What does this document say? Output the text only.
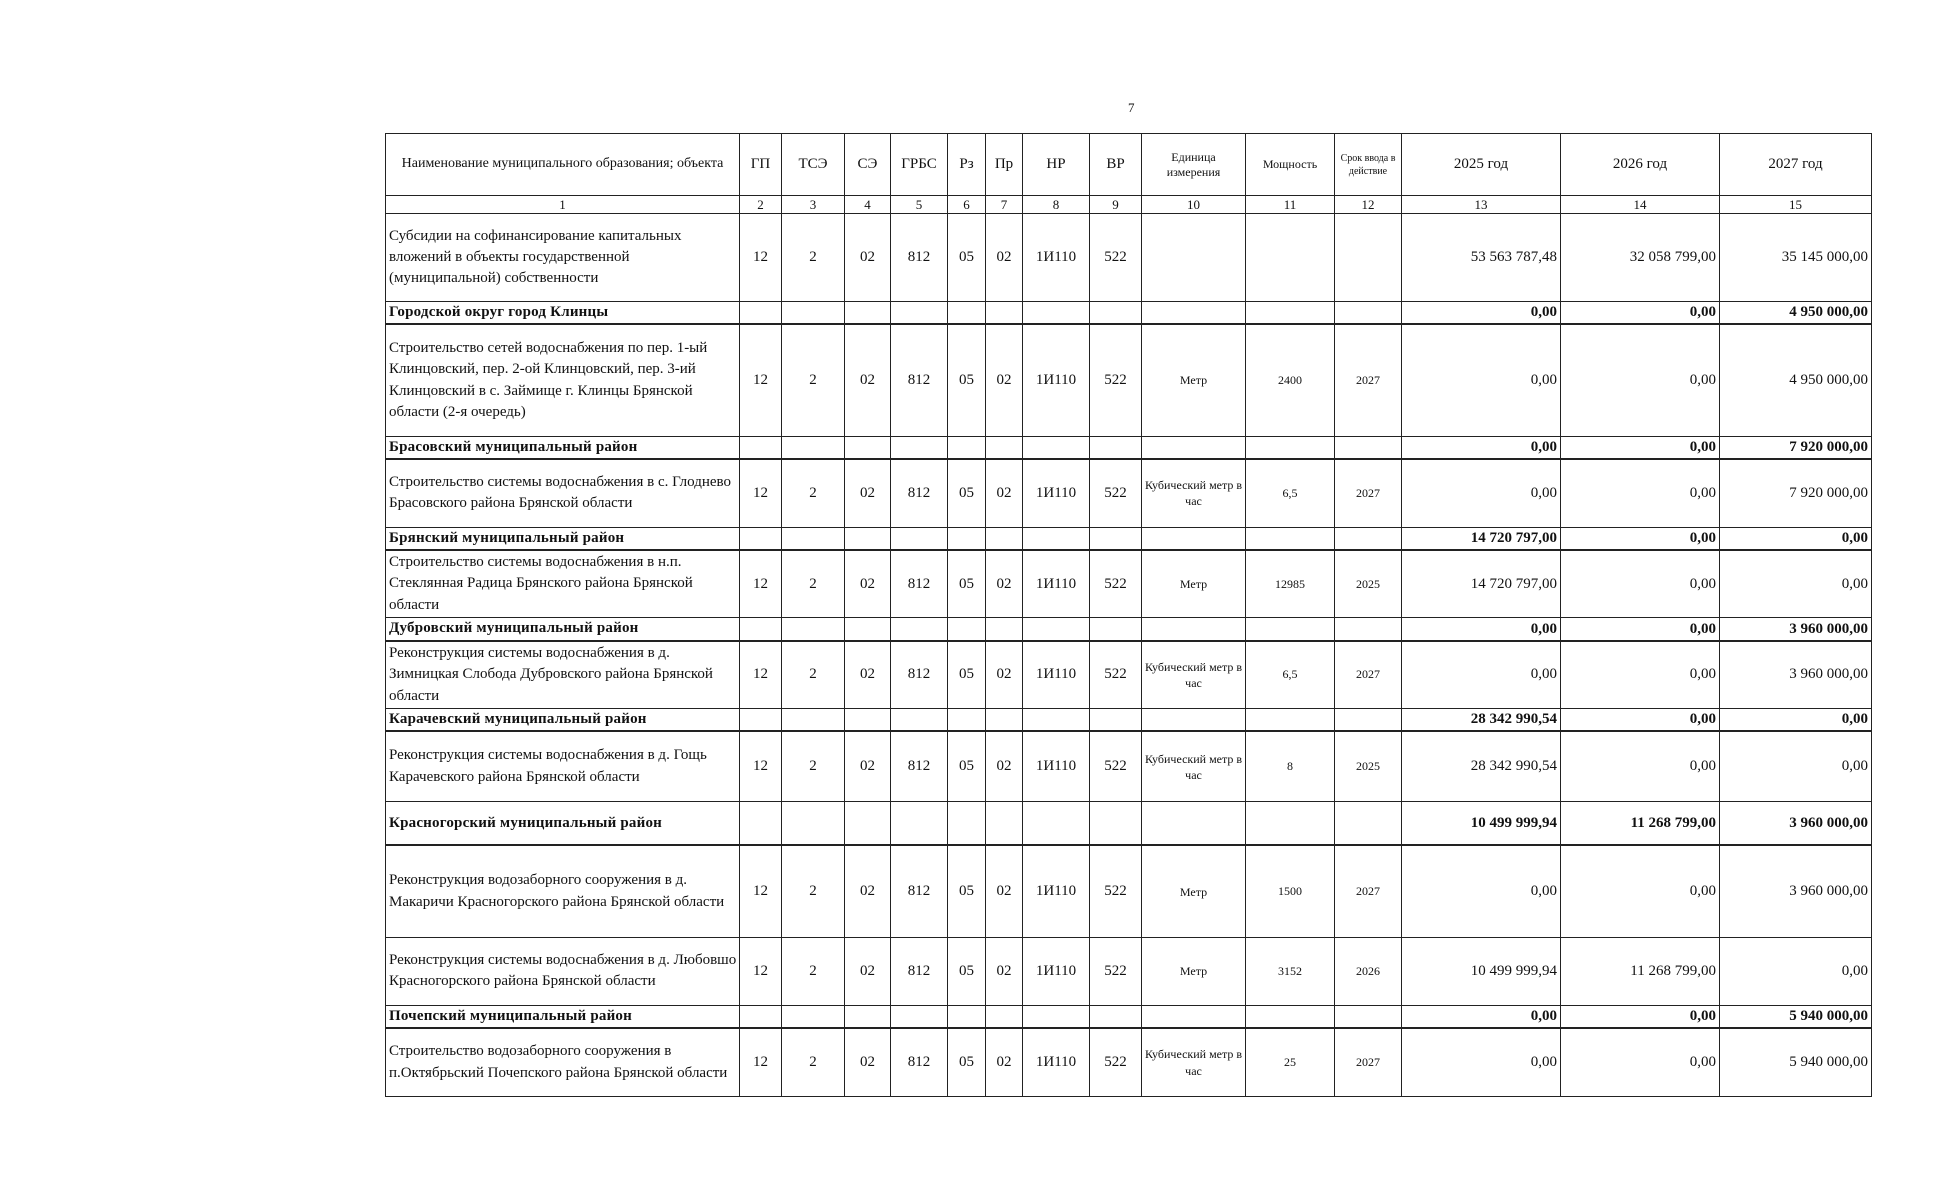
7
Наименование муниципального образования; объекта	ГП	ТСЭ	СЭ	ГРБС	Рз	Пр	НР	ВР	Единица измерения	Мощность	Срок ввода в действие	2025 год	2026 год	2027 год
1	2	3	4	5	6	7	8	9	10	11	12	13	14	15
Субсидии на софинансирование капитальных вложений в объекты государственной (муниципальной) собственности	12	2	02	812	05	02	1И110	522				53 563 787,48	32 058 799,00	35 145 000,00
Городской округ город Клинцы												0,00	0,00	4 950 000,00
Строительство сетей водоснабжения по пер. 1-ый Клинцовский, пер. 2-ой Клинцовский, пер. 3-ий Клинцовский в с. Займище г. Клинцы Брянской области (2-я очередь)	12	2	02	812	05	02	1И110	522	Метр	2400	2027	0,00	0,00	4 950 000,00
Брасовский муниципальный район												0,00	0,00	7 920 000,00
Строительство системы водоснабжения в с. Глоднево Брасовского района Брянской области	12	2	02	812	05	02	1И110	522	Кубический метр в час	6,5	2027	0,00	0,00	7 920 000,00
Брянский муниципальный район												14 720 797,00	0,00	0,00
Строительство системы водоснабжения в н.п. Стеклянная Радица Брянского района Брянской области	12	2	02	812	05	02	1И110	522	Метр	12985	2025	14 720 797,00	0,00	0,00
Дубровский муниципальный район												0,00	0,00	3 960 000,00
Реконструкция системы водоснабжения в д. Зимницкая Слобода Дубровского района Брянской области	12	2	02	812	05	02	1И110	522	Кубический метр в час	6,5	2027	0,00	0,00	3 960 000,00
Карачевский муниципальный район												28 342 990,54	0,00	0,00
Реконструкция системы водоснабжения в д. Гощь Карачевского района Брянской области	12	2	02	812	05	02	1И110	522	Кубический метр в час	8	2025	28 342 990,54	0,00	0,00
Красногорский муниципальный район												10 499 999,94	11 268 799,00	3 960 000,00
Реконструкция водозаборного сооружения в д. Макаричи Красногорского района Брянской области	12	2	02	812	05	02	1И110	522	Метр	1500	2027	0,00	0,00	3 960 000,00
Реконструкция системы водоснабжения в д. Любовшо Красногорского района Брянской области	12	2	02	812	05	02	1И110	522	Метр	3152	2026	10 499 999,94	11 268 799,00	0,00
Почепский муниципальный район												0,00	0,00	5 940 000,00
Строительство водозаборного сооружения в п.Октябрьский Почепского района Брянской области	12	2	02	812	05	02	1И110	522	Кубический метр в час	25	2027	0,00	0,00	5 940 000,00
